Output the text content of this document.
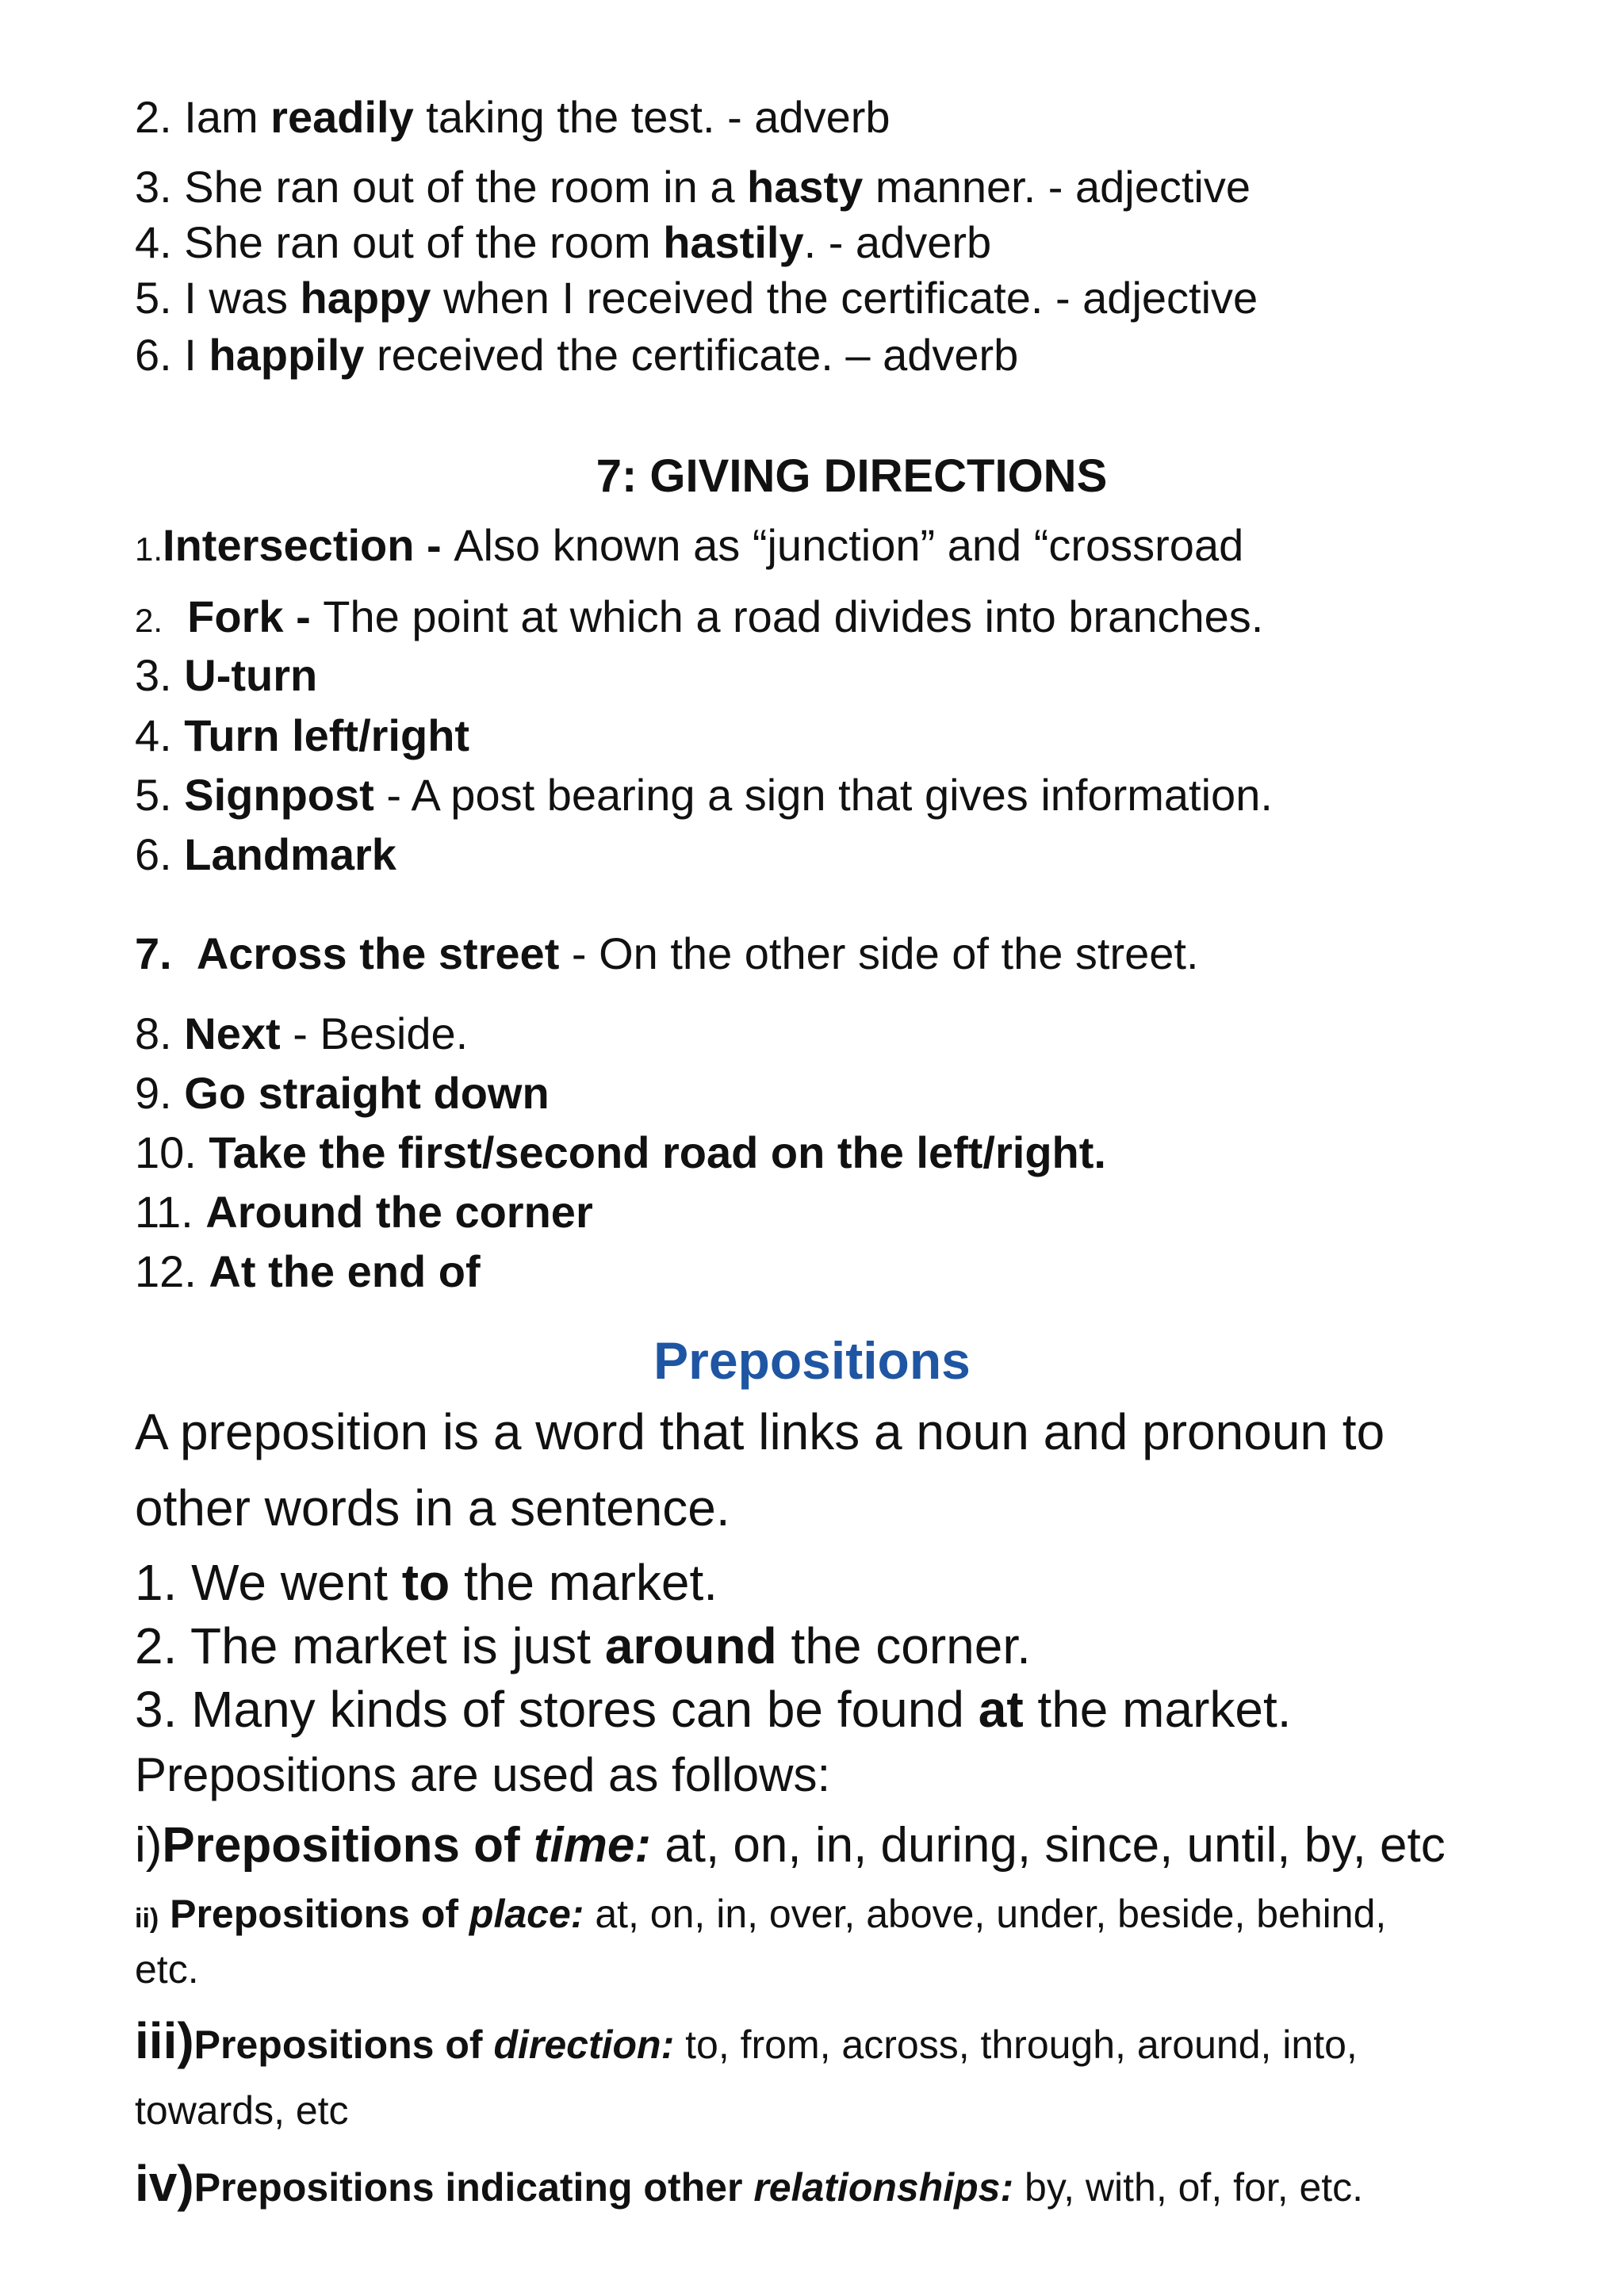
2. Iam readily taking the test. - adverb
3. She ran out of the room in a hasty manner. - adjective
4. She ran out of the room hastily. - adverb
5. I was happy when I received the certificate. - adjective
6. I happily received the certificate. – adverb
7: GIVING DIRECTIONS
1.Intersection - Also known as “junction” and “crossroad
2. Fork - The point at which a road divides into branches.
3. U-turn
4. Turn left/right
5. Signpost - A post bearing a sign that gives information.
6. Landmark
7. Across the street - On the other side of the street.
8. Next - Beside.
9. Go straight down
10. Take the first/second road on the left/right.
11. Around the corner
12. At the end of
Prepositions
A preposition is a word that links a noun and pronoun to
other words in a sentence.
1. We went to the market.
2. The market is just around the corner.
3. Many kinds of stores can be found at the market.
Prepositions are used as follows:
i)Prepositions of time: at, on, in, during, since, until, by, etc
ii) Prepositions of place: at, on, in, over, above, under, beside, behind,
etc.
iii)Prepositions of direction: to, from, across, through, around, into,
towards, etc
iv)Prepositions indicating other relationships: by, with, of, for, etc.
